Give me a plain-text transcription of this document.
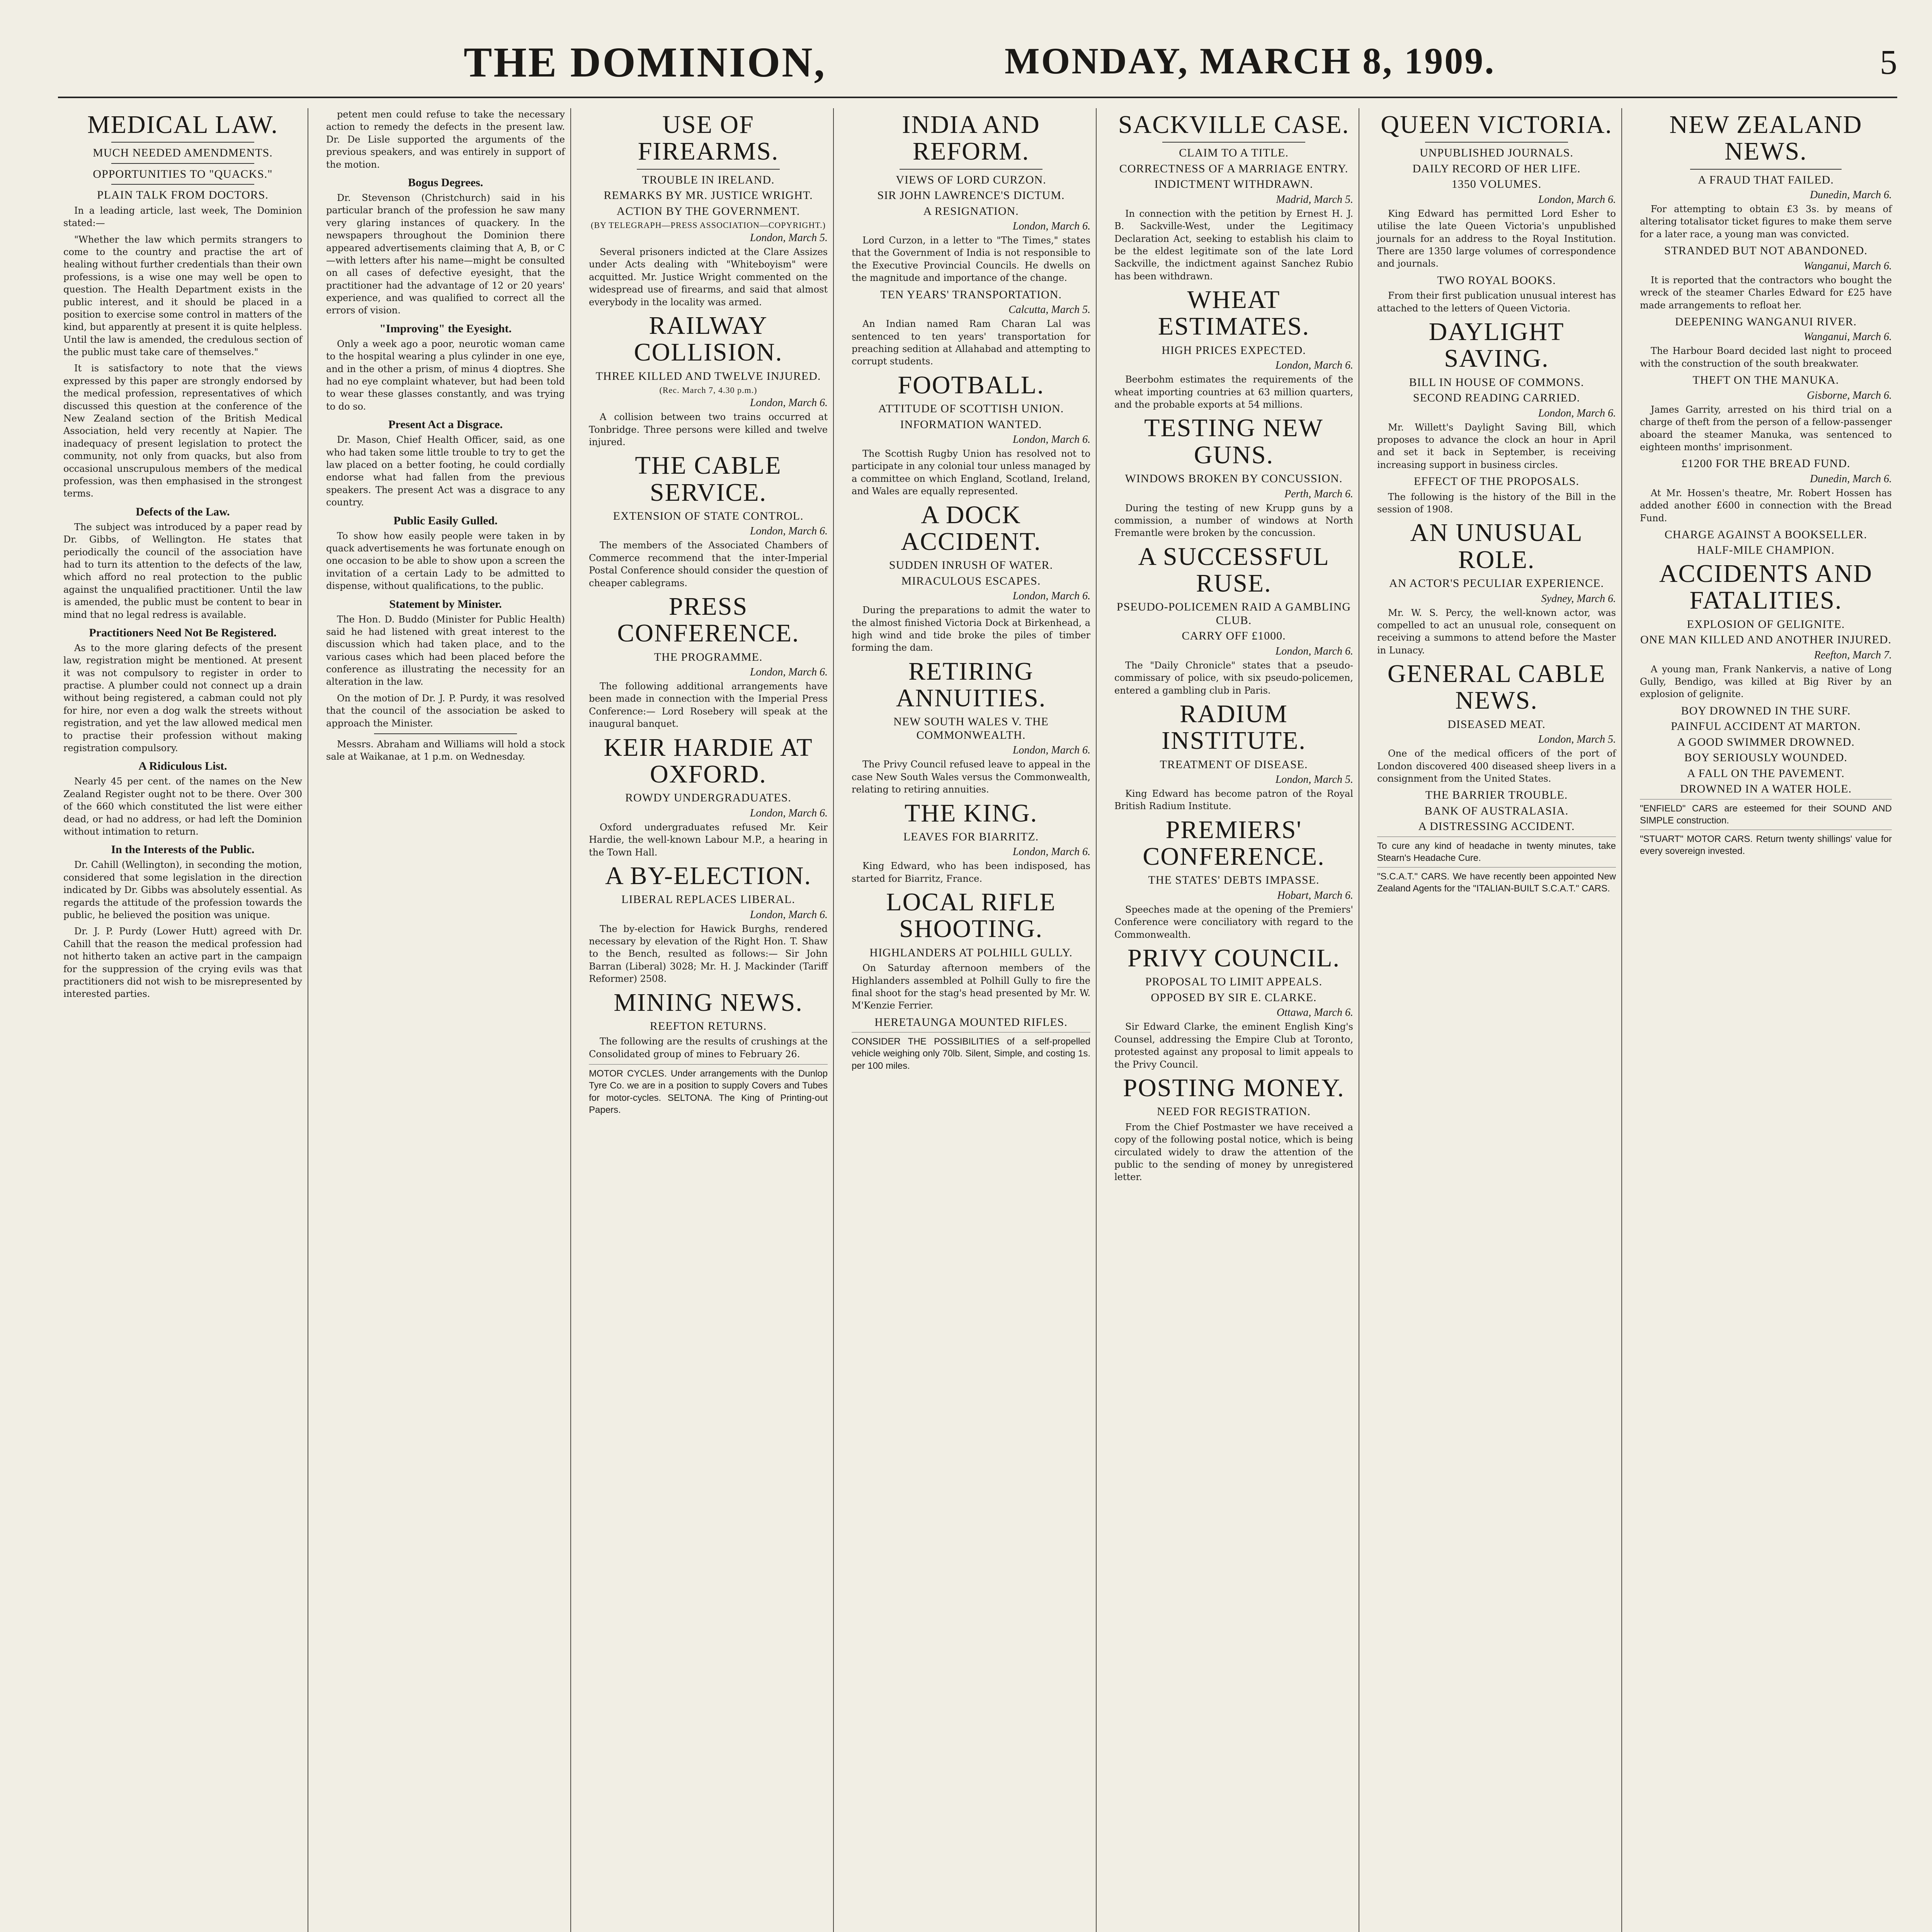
THE DOMINION,	MONDAY, MARCH 8, 1909.	5
MEDICAL LAW.
MUCH NEEDED AMENDMENTS.
OPPORTUNITIES TO "QUACKS."
PLAIN TALK FROM DOCTORS.

In a leading article, last week, The Dominion stated:—

"Whether the law which permits strangers to come to the country and practise the art of healing without further credentials than their own professions, is a wise one may well be open to question. The Health Department exists in the public interest, and it should be placed in a position to exercise some control in matters of the kind, but apparently at present it is quite helpless. Until the law is amended, the credulous section of the public must take care of themselves."

It is satisfactory to note that the views expressed by this paper are strongly endorsed by the medical profession, representatives of which discussed this question at the conference of the New Zealand section of the British Medical Association, held very recently at Napier. The inadequacy of present legislation to protect the community, not only from quacks, but also from occasional unscrupulous members of the medical profession, was then emphasised in the strongest terms.

Defects of the Law.

The subject was introduced by a paper read by Dr. Gibbs, of Wellington. He states that periodically the council of the association have had to turn its attention to the defects of the law, which afford no real protection to the public against the unqualified practitioner. Until the law is amended, the public must be content to bear in mind that no legal redress is available.

Practitioners Need Not Be Registered.

As to the more glaring defects of the present law, registration might be mentioned. At present it was not compulsory to register in order to practise. A plumber could not connect up a drain without being registered, a cabman could not ply for hire, nor even a dog walk the streets without registration, and yet the law allowed medical men to practise their profession without making registration compulsory.

A Ridiculous List.

Nearly 45 per cent. of the names on the New Zealand Register ought not to be there. Over 300 of the 660 which constituted the list were either dead, or had no address, or had left the Dominion without intimation to return.

In the Interests of the Public.

Dr. Cahill (Wellington), in seconding the motion, considered that some legislation in the direction indicated by Dr. Gibbs was absolutely essential. As regards the attitude of the profession towards the public, he believed the position was unique.

Dr. J. P. Purdy (Lower Hutt) agreed with Dr. Cahill that the reason the medical profession had not hitherto taken an active part in the campaign for the suppression of the crying evils was that practitioners did not wish to be misrepresented by interested parties.

petent men could refuse to take the necessary action to remedy the defects in the present law. Dr. De Lisle supported the arguments of the previous speakers, and was entirely in support of the motion.

Bogus Degrees.

Dr. Stevenson (Christchurch) said in his particular branch of the profession he saw many very glaring instances of quackery. In the newspapers throughout the Dominion there appeared advertisements claiming that A, B, or C—with letters after his name—might be consulted on all cases of defective eyesight, that the practitioner had the advantage of 12 or 20 years' experience, and was qualified to correct all the errors of vision.

"Improving" the Eyesight.

Only a week ago a poor, neurotic woman came to the hospital wearing a plus cylinder in one eye, and in the other a prism, of minus 4 dioptres. She had no eye complaint whatever, but had been told to wear these glasses constantly, and was trying to do so.

Present Act a Disgrace.

Dr. Mason, Chief Health Officer, said, as one who had taken some little trouble to try to get the law placed on a better footing, he could cordially endorse what had fallen from the previous speakers. The present Act was a disgrace to any country.

Public Easily Gulled.

To show how easily people were taken in by quack advertisements he was fortunate enough on one occasion to be able to show upon a screen the invitation of a certain Lady to be admitted to dispense, without qualifications, to the public.

Statement by Minister.

The Hon. D. Buddo (Minister for Public Health) said he had listened with great interest to the discussion which had taken place, and to the various cases which had been placed before the conference as illustrating the necessity for an alteration in the law.

On the motion of Dr. J. P. Purdy, it was resolved that the council of the association be asked to approach the Minister.

Messrs. Abraham and Williams will hold a stock sale at Waikanae, at 1 p.m. on Wednesday.

USE OF FIREARMS.
TROUBLE IN IRELAND.
REMARKS BY MR. JUSTICE WRIGHT.
ACTION BY THE GOVERNMENT.
(BY TELEGRAPH—PRESS ASSOCIATION—COPYRIGHT.)
London, March 5.

Several prisoners indicted at the Clare Assizes under Acts dealing with "Whiteboyism" were acquitted. Mr. Justice Wright commented on the widespread use of firearms, and said that almost everybody in the locality was armed.

RAILWAY COLLISION.
THREE KILLED AND TWELVE INJURED.
(Rec. March 7, 4.30 p.m.)
London, March 6.

A collision between two trains occurred at Tonbridge. Three persons were killed and twelve injured.

THE CABLE SERVICE.
EXTENSION OF STATE CONTROL.
London, March 6.

The members of the Associated Chambers of Commerce recommend that the inter-Imperial Postal Conference should consider the question of cheaper cablegrams.

PRESS CONFERENCE.
THE PROGRAMME.
London, March 6.

The following additional arrangements have been made in connection with the Imperial Press Conference:— Lord Rosebery will speak at the inaugural banquet.

KEIR HARDIE AT OXFORD.
ROWDY UNDERGRADUATES.
London, March 6.

Oxford undergraduates refused Mr. Keir Hardie, the well-known Labour M.P., a hearing in the Town Hall.

A BY-ELECTION.
LIBERAL REPLACES LIBERAL.
London, March 6.

The by-election for Hawick Burghs, rendered necessary by elevation of the Right Hon. T. Shaw to the Bench, resulted as follows:— Sir John Barran (Liberal) 3028; Mr. H. J. Mackinder (Tariff Reformer) 2508.

MINING NEWS.
REEFTON RETURNS.

The following are the results of crushings at the Consolidated group of mines to February 26.

MOTOR CYCLES. Under arrangements with the Dunlop Tyre Co. we are in a position to supply Covers and Tubes for motor-cycles. SELTONA. The King of Printing-out Papers.

INDIA AND REFORM.
VIEWS OF LORD CURZON.
SIR JOHN LAWRENCE'S DICTUM.
A RESIGNATION.
London, March 6.

Lord Curzon, in a letter to "The Times," states that the Government of India is not responsible to the Executive Provincial Councils. He dwells on the magnitude and importance of the change.

TEN YEARS' TRANSPORTATION.
Calcutta, March 5.

An Indian named Ram Charan Lal was sentenced to ten years' transportation for preaching sedition at Allahabad and attempting to corrupt students.

FOOTBALL.
ATTITUDE OF SCOTTISH UNION.
INFORMATION WANTED.
London, March 6.

The Scottish Rugby Union has resolved not to participate in any colonial tour unless managed by a committee on which England, Scotland, Ireland, and Wales are equally represented.

A DOCK ACCIDENT.
SUDDEN INRUSH OF WATER.
MIRACULOUS ESCAPES.
London, March 6.

During the preparations to admit the water to the almost finished Victoria Dock at Birkenhead, a high wind and tide broke the piles of timber forming the dam.

RETIRING ANNUITIES.
NEW SOUTH WALES V. THE COMMONWEALTH.
London, March 6.

The Privy Council refused leave to appeal in the case New South Wales versus the Commonwealth, relating to retiring annuities.

THE KING.
LEAVES FOR BIARRITZ.
London, March 6.

King Edward, who has been indisposed, has started for Biarritz, France.

LOCAL RIFLE SHOOTING.
HIGHLANDERS AT POLHILL GULLY.

On Saturday afternoon members of the Highlanders assembled at Polhill Gully to fire the final shoot for the stag's head presented by Mr. W. M'Kenzie Ferrier.

HERETAUNGA MOUNTED RIFLES.

CONSIDER THE POSSIBILITIES of a self-propelled vehicle weighing only 70lb. Silent, Simple, and costing 1s. per 100 miles.

SACKVILLE CASE.
CLAIM TO A TITLE.
CORRECTNESS OF A MARRIAGE ENTRY.
INDICTMENT WITHDRAWN.
Madrid, March 5.

In connection with the petition by Ernest H. J. B. Sackville-West, under the Legitimacy Declaration Act, seeking to establish his claim to be the eldest legitimate son of the late Lord Sackville, the indictment against Sanchez Rubio has been withdrawn.

WHEAT ESTIMATES.
HIGH PRICES EXPECTED.
London, March 6.

Beerbohm estimates the requirements of the wheat importing countries at 63 million quarters, and the probable exports at 54 millions.

TESTING NEW GUNS.
WINDOWS BROKEN BY CONCUSSION.
Perth, March 6.

During the testing of new Krupp guns by a commission, a number of windows at North Fremantle were broken by the concussion.

A SUCCESSFUL RUSE.
PSEUDO-POLICEMEN RAID A GAMBLING CLUB.
CARRY OFF £1000.
London, March 6.

The "Daily Chronicle" states that a pseudo-commissary of police, with six pseudo-policemen, entered a gambling club in Paris.

RADIUM INSTITUTE.
TREATMENT OF DISEASE.
London, March 5.

King Edward has become patron of the Royal British Radium Institute.

PREMIERS' CONFERENCE.
THE STATES' DEBTS IMPASSE.
Hobart, March 6.

Speeches made at the opening of the Premiers' Conference were conciliatory with regard to the Commonwealth.

PRIVY COUNCIL.
PROPOSAL TO LIMIT APPEALS.
OPPOSED BY SIR E. CLARKE.
Ottawa, March 6.

Sir Edward Clarke, the eminent English King's Counsel, addressing the Empire Club at Toronto, protested against any proposal to limit appeals to the Privy Council.

POSTING MONEY.
NEED FOR REGISTRATION.

From the Chief Postmaster we have received a copy of the following postal notice, which is being circulated widely to draw the attention of the public to the sending of money by unregistered letter.

QUEEN VICTORIA.
UNPUBLISHED JOURNALS.
DAILY RECORD OF HER LIFE.
1350 VOLUMES.
London, March 6.

King Edward has permitted Lord Esher to utilise the late Queen Victoria's unpublished journals for an address to the Royal Institution. There are 1350 large volumes of correspondence and journals.

TWO ROYAL BOOKS.

From their first publication unusual interest has attached to the letters of Queen Victoria.

DAYLIGHT SAVING.
BILL IN HOUSE OF COMMONS.
SECOND READING CARRIED.
London, March 6.

Mr. Willett's Daylight Saving Bill, which proposes to advance the clock an hour in April and set it back in September, is receiving increasing support in business circles.

EFFECT OF THE PROPOSALS.

The following is the history of the Bill in the session of 1908.

AN UNUSUAL ROLE.
AN ACTOR'S PECULIAR EXPERIENCE.
Sydney, March 6.

Mr. W. S. Percy, the well-known actor, was compelled to act an unusual role, consequent on receiving a summons to attend before the Master in Lunacy.

GENERAL CABLE NEWS.
DISEASED MEAT.
London, March 5.

One of the medical officers of the port of London discovered 400 diseased sheep livers in a consignment from the United States.

THE BARRIER TROUBLE.
BANK OF AUSTRALASIA.
A DISTRESSING ACCIDENT.

To cure any kind of headache in twenty minutes, take Stearn's Headache Cure.

"S.C.A.T." CARS. We have recently been appointed New Zealand Agents for the "ITALIAN-BUILT S.C.A.T." CARS.

NEW ZEALAND NEWS.
A FRAUD THAT FAILED.
Dunedin, March 6.

For attempting to obtain £3 3s. by means of altering totalisator ticket figures to make them serve for a later race, a young man was convicted.

STRANDED BUT NOT ABANDONED.
Wanganui, March 6.

It is reported that the contractors who bought the wreck of the steamer Charles Edward for £25 have made arrangements to refloat her.

DEEPENING WANGANUI RIVER.
Wanganui, March 6.

The Harbour Board decided last night to proceed with the construction of the south breakwater.

THEFT ON THE MANUKA.
Gisborne, March 6.

James Garrity, arrested on his third trial on a charge of theft from the person of a fellow-passenger aboard the steamer Manuka, was sentenced to eighteen months' imprisonment.

£1200 FOR THE BREAD FUND.
Dunedin, March 6.

At Mr. Hossen's theatre, Mr. Robert Hossen has added another £600 in connection with the Bread Fund.

CHARGE AGAINST A BOOKSELLER.
HALF-MILE CHAMPION.
ACCIDENTS AND FATALITIES.
EXPLOSION OF GELIGNITE.
ONE MAN KILLED AND ANOTHER INJURED.
Reefton, March 7.

A young man, Frank Nankervis, a native of Long Gully, Bendigo, was killed at Big River by an explosion of gelignite.

BOY DROWNED IN THE SURF.
PAINFUL ACCIDENT AT MARTON.
A GOOD SWIMMER DROWNED.
BOY SERIOUSLY WOUNDED.
A FALL ON THE PAVEMENT.
DROWNED IN A WATER HOLE.

"ENFIELD" CARS are esteemed for their SOUND AND SIMPLE construction.

"STUART" MOTOR CARS. Return twenty shillings' value for every sovereign invested.
